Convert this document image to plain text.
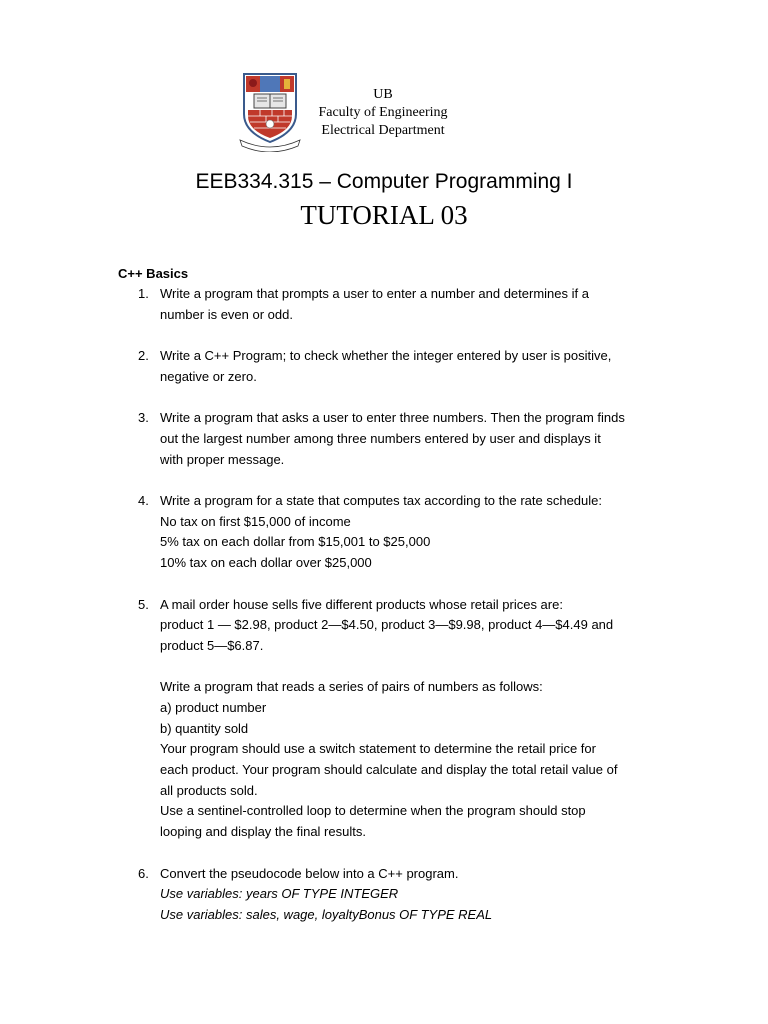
UB
Faculty of Engineering
Electrical Department
EEB334.315 – Computer Programming I
TUTORIAL 03
C++ Basics
1. Write a program that prompts a user to enter a number and determines if a
number is even or odd.
2. Write a C++ Program; to check whether the integer entered by user is positive,
negative or zero.
3. Write a program that asks a user to enter three numbers. Then the program finds
out the largest number among three numbers entered by user and displays it
with proper message.
4. Write a program for a state that computes tax according to the rate schedule:
No tax on first $15,000 of income
5% tax on each dollar from $15,001 to $25,000
10% tax on each dollar over $25,000
5. A mail order house sells five different products whose retail prices are:
product 1 — $2.98, product 2—$4.50, product 3—$9.98, product 4—$4.49 and
product 5—$6.87.
Write a program that reads a series of pairs of numbers as follows:
a) product number
b) quantity sold
Your program should use a switch statement to determine the retail price for
each product. Your program should calculate and display the total retail value of
all products sold.
Use a sentinel-controlled loop to determine when the program should stop
looping and display the final results.
6. Convert the pseudocode below into a C++ program.
Use variables: years OF TYPE INTEGER
Use variables: sales, wage, loyaltyBonus OF TYPE REAL
